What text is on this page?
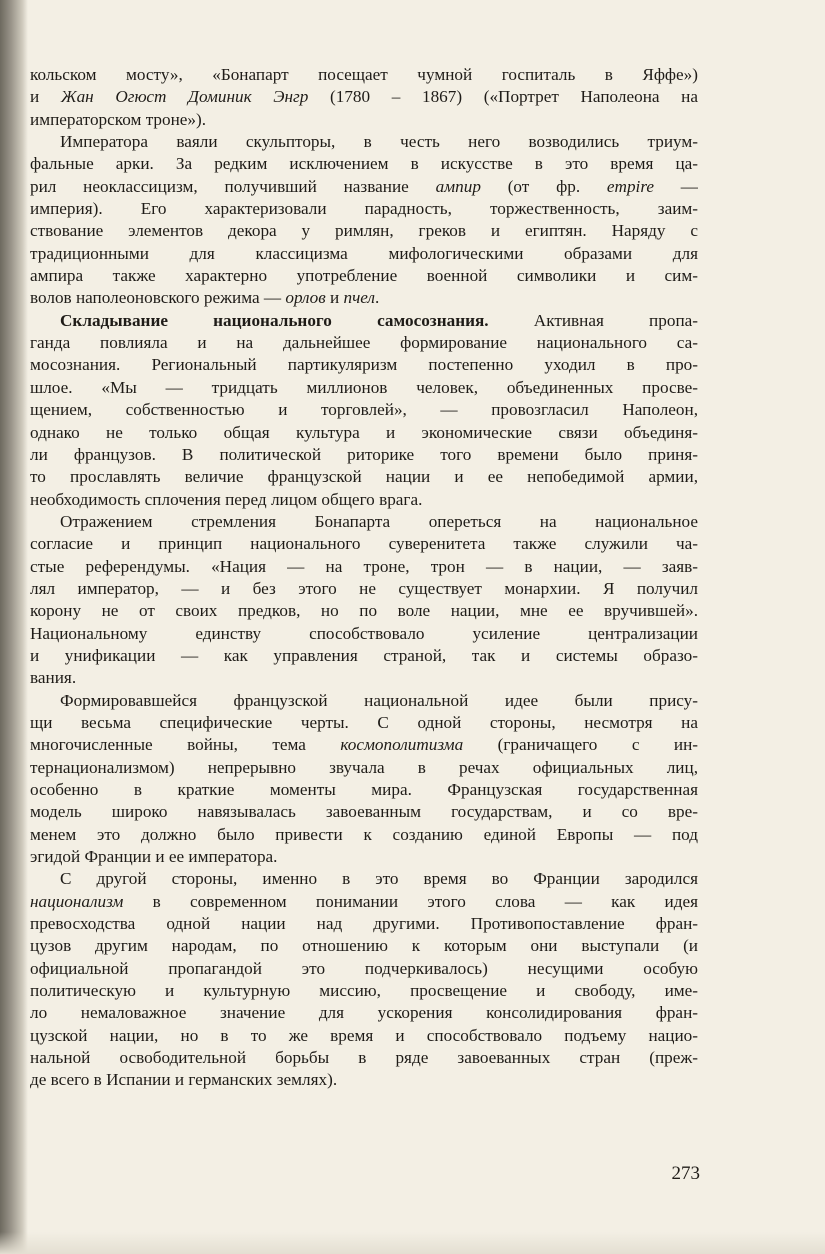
кольском мосту», «Бонапарт посещает чумной госпиталь в Яффе»)
и Жан Огюст Доминик Энгр (1780 – 1867) («Портрет Наполеона на
императорском троне»).
Императора ваяли скульпторы, в честь него возводились триум-
фальные арки. За редким исключением в искусстве в это время ца-
рил неоклассицизм, получивший название ампир (от фр. empire —
империя). Его характеризовали парадность, торжественность, заим-
ствование элементов декора у римлян, греков и египтян. Наряду с
традиционными для классицизма мифологическими образами для
ампира также характерно употребление военной символики и сим-
волов наполеоновского режима — орлов и пчел.
Складывание национального самосознания. Активная пропа-
ганда повлияла и на дальнейшее формирование национального са-
мосознания. Региональный партикуляризм постепенно уходил в про-
шлое. «Мы — тридцать миллионов человек, объединенных просве-
щением, собственностью и торговлей», — провозгласил Наполеон,
однако не только общая культура и экономические связи объединя-
ли французов. В политической риторике того времени было приня-
то прославлять величие французской нации и ее непобедимой армии,
необходимость сплочения перед лицом общего врага.
Отражением стремления Бонапарта опереться на национальное
согласие и принцип национального суверенитета также служили ча-
стые референдумы. «Нация — на троне, трон — в нации, — заяв-
лял император, — и без этого не существует монархии. Я получил
корону не от своих предков, но по воле нации, мне ее вручившей».
Национальному единству способствовало усиление централизации
и унификации — как управления страной, так и системы образо-
вания.
Формировавшейся французской национальной идее были прису-
щи весьма специфические черты. С одной стороны, несмотря на
многочисленные войны, тема космополитизма (граничащего с ин-
тернационализмом) непрерывно звучала в речах официальных лиц,
особенно в краткие моменты мира. Французская государственная
модель широко навязывалась завоеванным государствам, и со вре-
менем это должно было привести к созданию единой Европы — под
эгидой Франции и ее императора.
С другой стороны, именно в это время во Франции зародился
национализм в современном понимании этого слова — как идея
превосходства одной нации над другими. Противопоставление фран-
цузов другим народам, по отношению к которым они выступали (и
официальной пропагандой это подчеркивалось) несущими особую
политическую и культурную миссию, просвещение и свободу, име-
ло немаловажное значение для ускорения консолидирования фран-
цузской нации, но в то же время и способствовало подъему нацио-
нальной освободительной борьбы в ряде завоеванных стран (преж-
де всего в Испании и германских землях).
273
